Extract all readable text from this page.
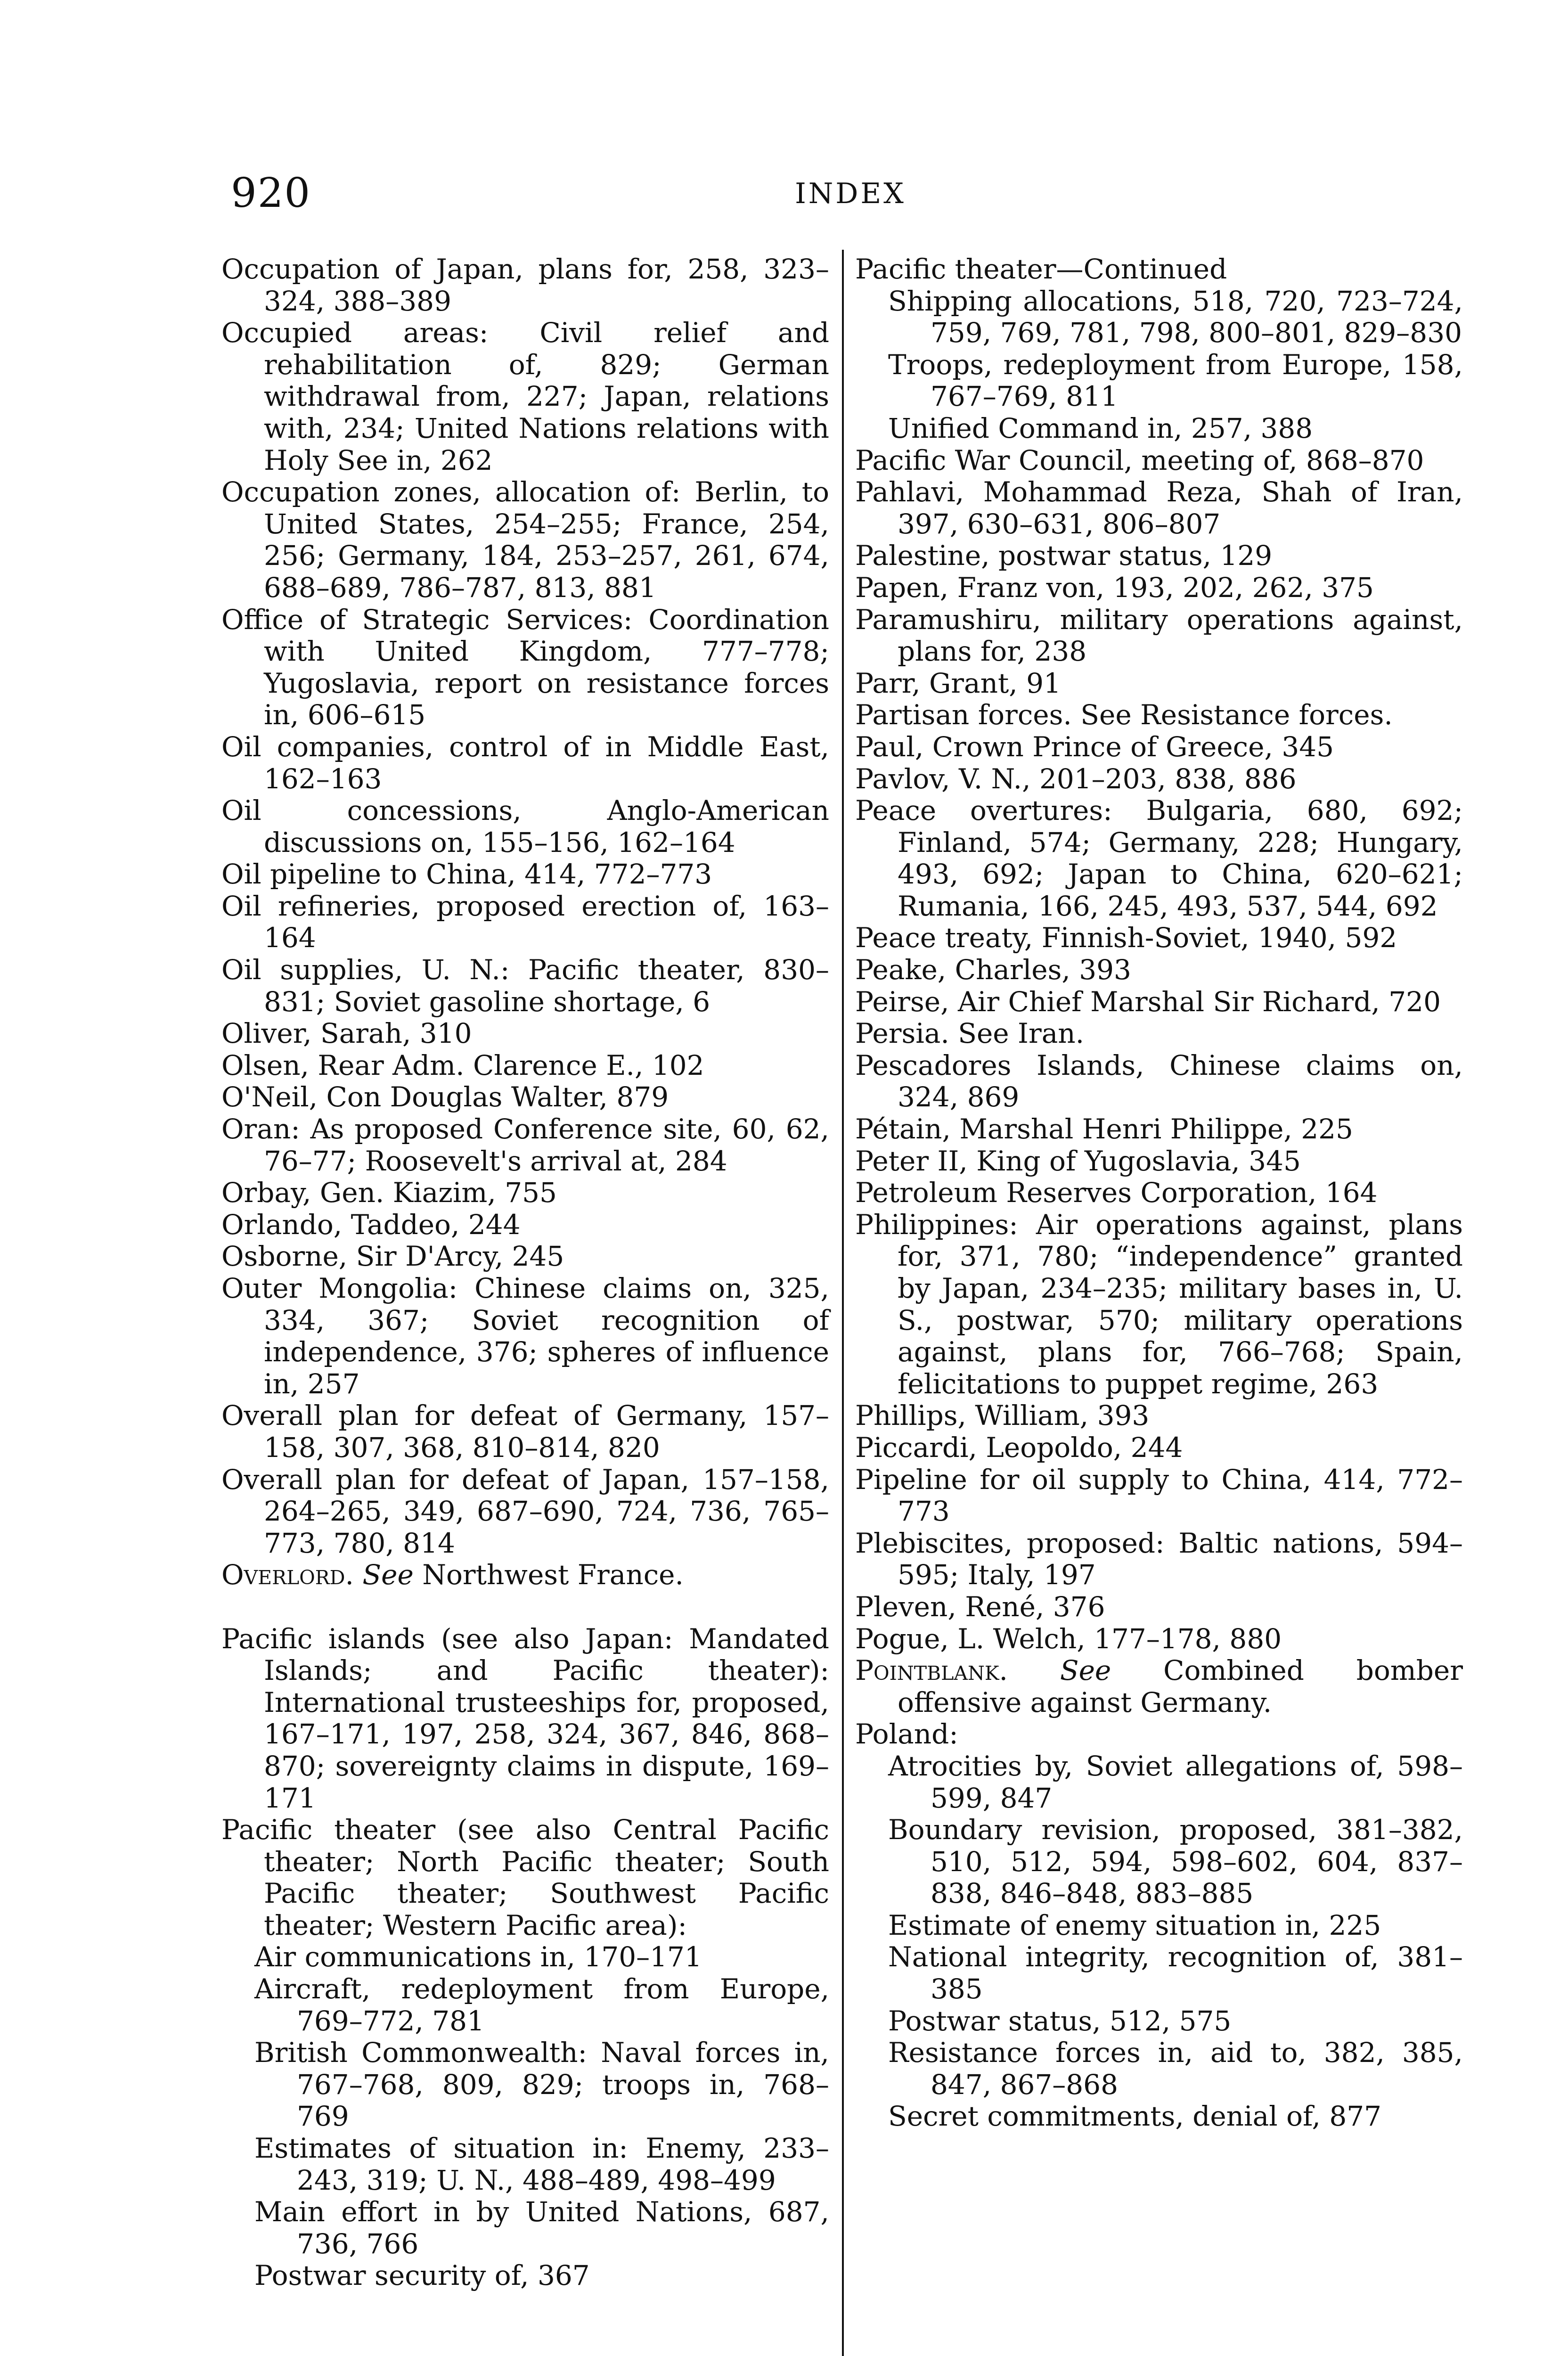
920	INDEX

Occupation of Japan, plans for, 258, 323–324, 388–389

Occupied areas: Civil relief and rehabilitation of, 829; German withdrawal from, 227; Japan, relations with, 234; United Nations relations with Holy See in, 262

Occupation zones, allocation of: Berlin, to United States, 254–255; France, 254, 256; Germany, 184, 253–257, 261, 674, 688–689, 786–787, 813, 881

Office of Strategic Services: Coordination with United Kingdom, 777–778; Yugoslavia, report on resistance forces in, 606–615

Oil companies, control of in Middle East, 162–163

Oil concessions, Anglo-American discussions on, 155–156, 162–164

Oil pipeline to China, 414, 772–773

Oil refineries, proposed erection of, 163–164

Oil supplies, U. N.: Pacific theater, 830–831; Soviet gasoline shortage, 6

Oliver, Sarah, 310

Olsen, Rear Adm. Clarence E., 102

O'Neil, Con Douglas Walter, 879

Oran: As proposed Conference site, 60, 62, 76–77; Roosevelt's arrival at, 284

Orbay, Gen. Kiazim, 755

Orlando, Taddeo, 244

Osborne, Sir D'Arcy, 245

Outer Mongolia: Chinese claims on, 325, 334, 367; Soviet recognition of independence, 376; spheres of influence in, 257

Overall plan for defeat of Germany, 157–158, 307, 368, 810–814, 820

Overall plan for defeat of Japan, 157–158, 264–265, 349, 687–690, 724, 736, 765–773, 780, 814

Overlord. See Northwest France.

Pacific islands (see also Japan: Mandated Islands; and Pacific theater): International trusteeships for, proposed, 167–171, 197, 258, 324, 367, 846, 868–870; sovereignty claims in dispute, 169–171

Pacific theater (see also Central Pacific theater; North Pacific theater; South Pacific theater; Southwest Pacific theater; Western Pacific area):

Air communications in, 170–171

Aircraft, redeployment from Europe, 769–772, 781

British Commonwealth: Naval forces in, 767–768, 809, 829; troops in, 768–769

Estimates of situation in: Enemy, 233–243, 319; U. N., 488–489, 498–499

Main effort in by United Nations, 687, 736, 766

Postwar security of, 367

Pacific theater—Continued

Shipping allocations, 518, 720, 723–724, 759, 769, 781, 798, 800–801, 829–830

Troops, redeployment from Europe, 158, 767–769, 811

Unified Command in, 257, 388

Pacific War Council, meeting of, 868–870

Pahlavi, Mohammad Reza, Shah of Iran, 397, 630–631, 806–807

Palestine, postwar status, 129

Papen, Franz von, 193, 202, 262, 375

Paramushiru, military operations against, plans for, 238

Parr, Grant, 91

Partisan forces. See Resistance forces.

Paul, Crown Prince of Greece, 345

Pavlov, V. N., 201–203, 838, 886

Peace overtures: Bulgaria, 680, 692; Finland, 574; Germany, 228; Hungary, 493, 692; Japan to China, 620–621; Rumania, 166, 245, 493, 537, 544, 692

Peace treaty, Finnish-Soviet, 1940, 592

Peake, Charles, 393

Peirse, Air Chief Marshal Sir Richard, 720

Persia. See Iran.

Pescadores Islands, Chinese claims on, 324, 869

Pétain, Marshal Henri Philippe, 225

Peter II, King of Yugoslavia, 345

Petroleum Reserves Corporation, 164

Philippines: Air operations against, plans for, 371, 780; “independence” granted by Japan, 234–235; military bases in, U. S., postwar, 570; military operations against, plans for, 766–768; Spain, felicitations to puppet regime, 263

Phillips, William, 393

Piccardi, Leopoldo, 244

Pipeline for oil supply to China, 414, 772–773

Plebiscites, proposed: Baltic nations, 594–595; Italy, 197

Pleven, René, 376

Pogue, L. Welch, 177–178, 880

Pointblank. See Combined bomber offensive against Germany.

Poland:

Atrocities by, Soviet allegations of, 598–599, 847

Boundary revision, proposed, 381–382, 510, 512, 594, 598–602, 604, 837–838, 846–848, 883–885

Estimate of enemy situation in, 225

National integrity, recognition of, 381–385

Postwar status, 512, 575

Resistance forces in, aid to, 382, 385, 847, 867–868

Secret commitments, denial of, 877
